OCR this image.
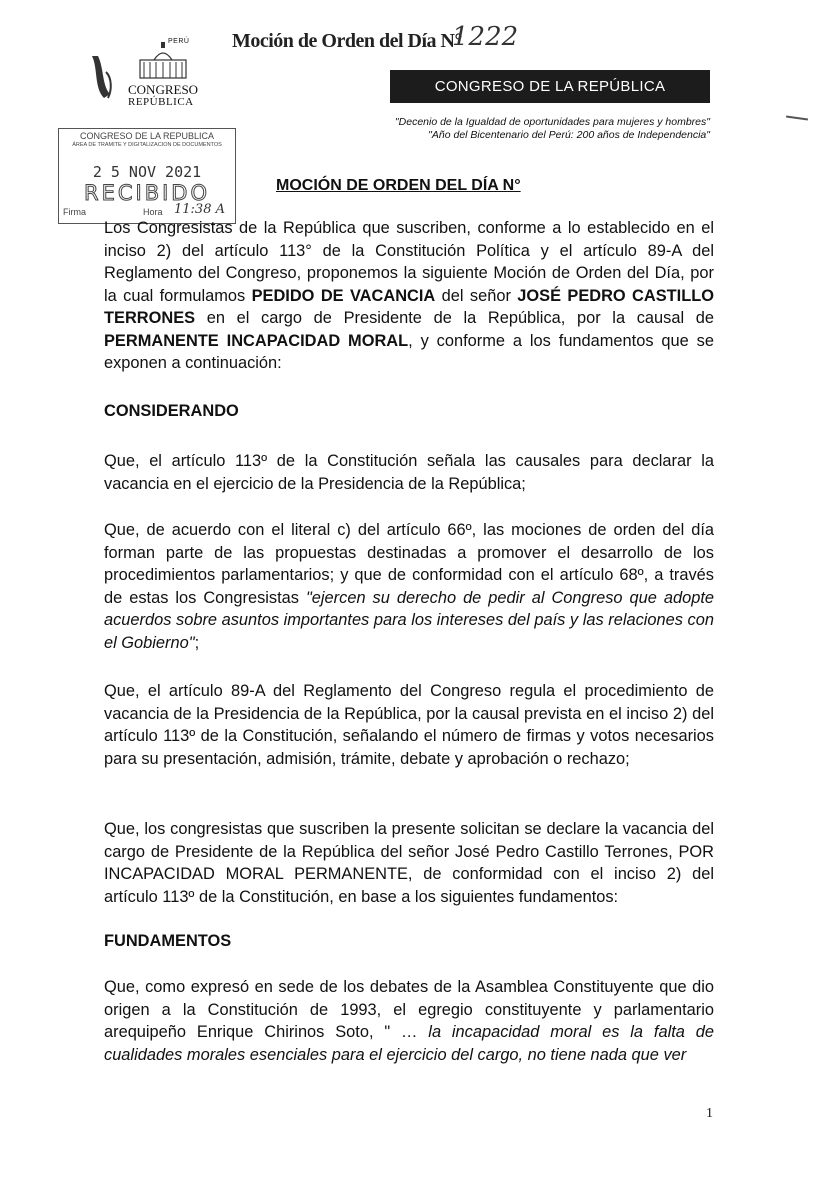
PERÚ
CONGRESO
REPÚBLICA
Moción de Orden del Día N°
1222
CONGRESO DE LA REPÚBLICA
"Decenio de la Igualdad de oportunidades para mujeres y hombres"
"Año del Bicentenario del Perú: 200 años de Independencia"
CONGRESO DE LA REPUBLICA
ÁREA DE TRAMITE Y DIGITALIZACION DE DOCUMENTOS
2 5 NOV 2021
RECIBIDO
Firma	Hora 11:38 A
MOCIÓN DE ORDEN DEL DÍA N°
Los Congresistas de la República que suscriben, conforme a lo establecido en el inciso 2) del artículo 113° de la Constitución Política y el artículo 89-A del Reglamento del Congreso, proponemos la siguiente Moción de Orden del Día, por la cual formulamos PEDIDO DE VACANCIA del señor JOSÉ PEDRO CASTILLO TERRONES en el cargo de Presidente de la República, por la causal de PERMANENTE INCAPACIDAD MORAL, y conforme a los fundamentos que se exponen a continuación:
CONSIDERANDO
Que, el artículo 113º de la Constitución señala las causales para declarar la vacancia en el ejercicio de la Presidencia de la República;
Que, de acuerdo con el literal c) del artículo 66º, las mociones de orden del día forman parte de las propuestas destinadas a promover el desarrollo de los procedimientos parlamentarios; y que de conformidad con el artículo 68º, a través de estas los Congresistas "ejercen su derecho de pedir al Congreso que adopte acuerdos sobre asuntos importantes para los intereses del país y las relaciones con el Gobierno";
Que, el artículo 89-A del Reglamento del Congreso regula el procedimiento de vacancia de la Presidencia de la República, por la causal prevista en el inciso 2) del artículo 113º de la Constitución, señalando el número de firmas y votos necesarios para su presentación, admisión, trámite, debate y aprobación o rechazo;
Que, los congresistas que suscriben la presente solicitan se declare la vacancia del cargo de Presidente de la República del señor José Pedro Castillo Terrones, POR INCAPACIDAD MORAL PERMANENTE, de conformidad con el inciso 2) del artículo 113º de la Constitución, en base a los siguientes fundamentos:
FUNDAMENTOS
Que, como expresó en sede de los debates de la Asamblea Constituyente que dio origen a la Constitución de 1993, el egregio constituyente y parlamentario arequipeño Enrique Chirinos Soto, " … la incapacidad moral es la falta de cualidades morales esenciales para el ejercicio del cargo, no tiene nada que ver
1
